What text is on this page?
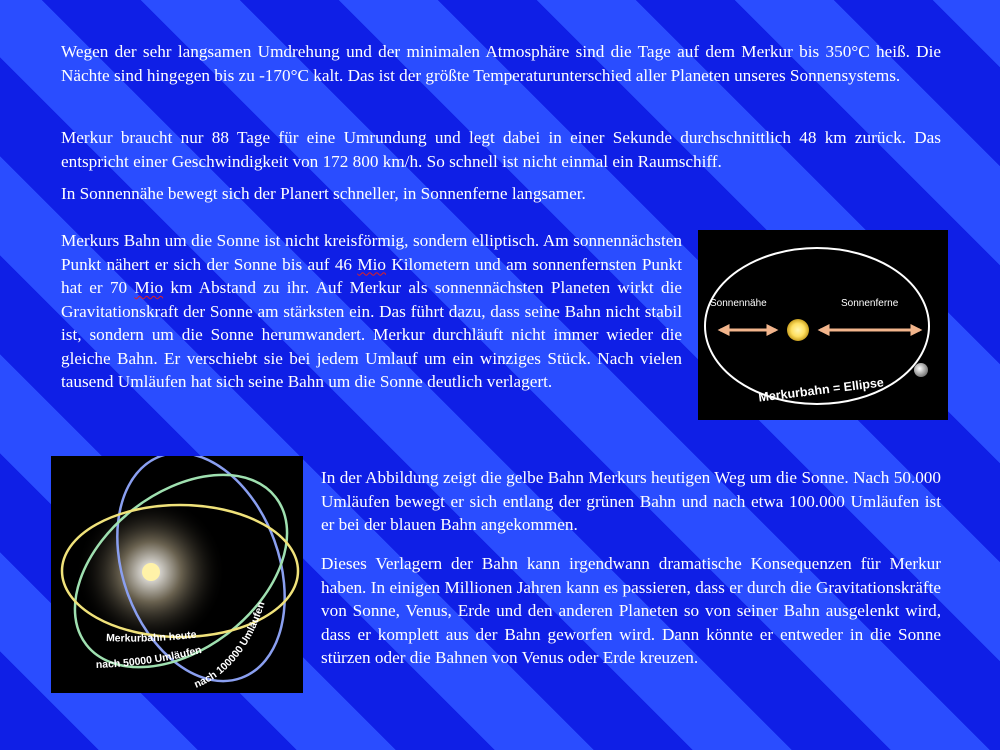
Wegen der sehr langsamen Umdrehung und der minimalen Atmosphäre sind die Tage auf dem Merkur bis 350°C heiß. Die Nächte sind hingegen bis zu -170°C kalt. Das ist der größte Temperaturunterschied aller Planeten unseres Sonnensystems.

Merkur braucht nur 88 Tage für eine Umrundung und legt dabei in einer Sekunde durchschnittlich 48 km zurück. Das entspricht einer Geschwindigkeit von 172 800 km/h. So schnell ist nicht einmal ein Raumschiff.

In Sonnennähe bewegt sich der Planert schneller, in Sonnenferne langsamer.

Merkurs Bahn um die Sonne ist nicht kreisförmig, sondern elliptisch. Am sonnennächsten Punkt nähert er sich der Sonne bis auf 46 Mio Kilometern und am sonnenfernsten Punkt hat er 70 Mio km Abstand zu ihr. Auf Merkur als sonnennächsten Planeten wirkt die Gravitationskraft der Sonne am stärksten ein. Das führt dazu, dass seine Bahn nicht stabil ist, sondern um die Sonne herumwandert. Merkur durchläuft nicht immer wieder die gleiche Bahn. Er verschiebt sie bei jedem Umlauf um ein winziges Stück. Nach vielen tausend Umläufen hat sich seine Bahn um die Sonne deutlich verlagert.

In der Abbildung zeigt die gelbe Bahn Merkurs heutigen Weg um die Sonne. Nach 50.000 Umläufen bewegt er sich entlang der grünen Bahn und nach etwa 100.000 Umläufen ist er bei der blauen Bahn angekommen.

Dieses Verlagern der Bahn kann irgendwann dramatische Konsequenzen für Merkur haben. In einigen Millionen Jahren kann es passieren, dass er durch die Gravitationskräfte von Sonne, Venus, Erde und den anderen Planeten so von seiner Bahn ausgelenkt wird, dass er komplett aus der Bahn geworfen wird. Dann könnte er entweder in die Sonne stürzen oder die Bahnen von Venus oder Erde kreuzen.

Sonnennähe	Sonnenferne
Merkurbahn = Ellipse
Merkurbahn heute
nach 50000 Umläufen
nach 100000 Umläufen
